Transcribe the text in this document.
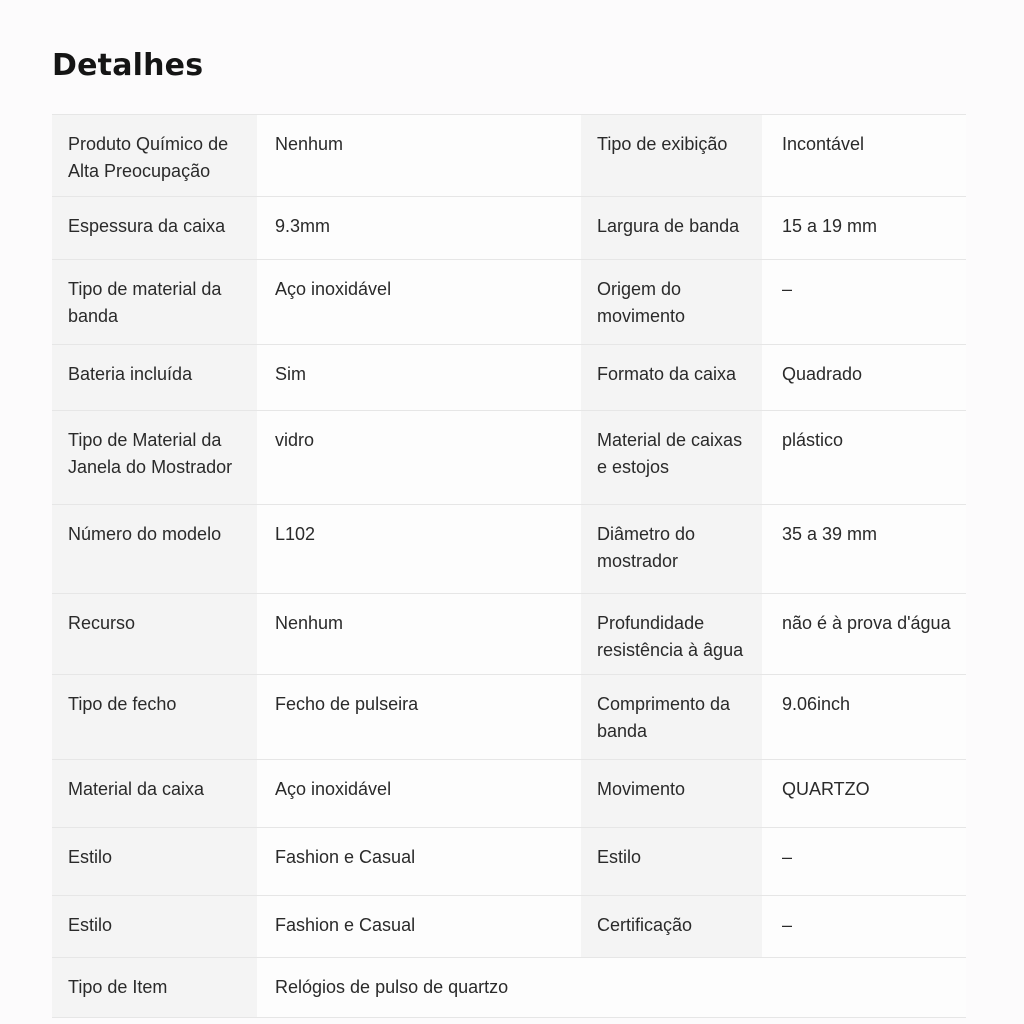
Detalhes
Produto Químico de Alta Preocupação	Nenhum	Tipo de exibição	Incontável
Espessura da caixa	9.3mm	Largura de banda	15 a 19 mm
Tipo de material da banda	Aço inoxidável	Origem do movimento	–
Bateria incluída	Sim	Formato da caixa	Quadrado
Tipo de Material da Janela do Mostrador	vidro	Material de caixas e estojos	plástico
Número do modelo	L102	Diâmetro do mostrador	35 a 39 mm
Recurso	Nenhum	Profundidade resistência à âgua	não é à prova d'água
Tipo de fecho	Fecho de pulseira	Comprimento da banda	9.06inch
Material da caixa	Aço inoxidável	Movimento	QUARTZO
Estilo	Fashion e Casual	Estilo	–
Estilo	Fashion e Casual	Certificação	–
Tipo de Item	Relógios de pulso de quartzo		
